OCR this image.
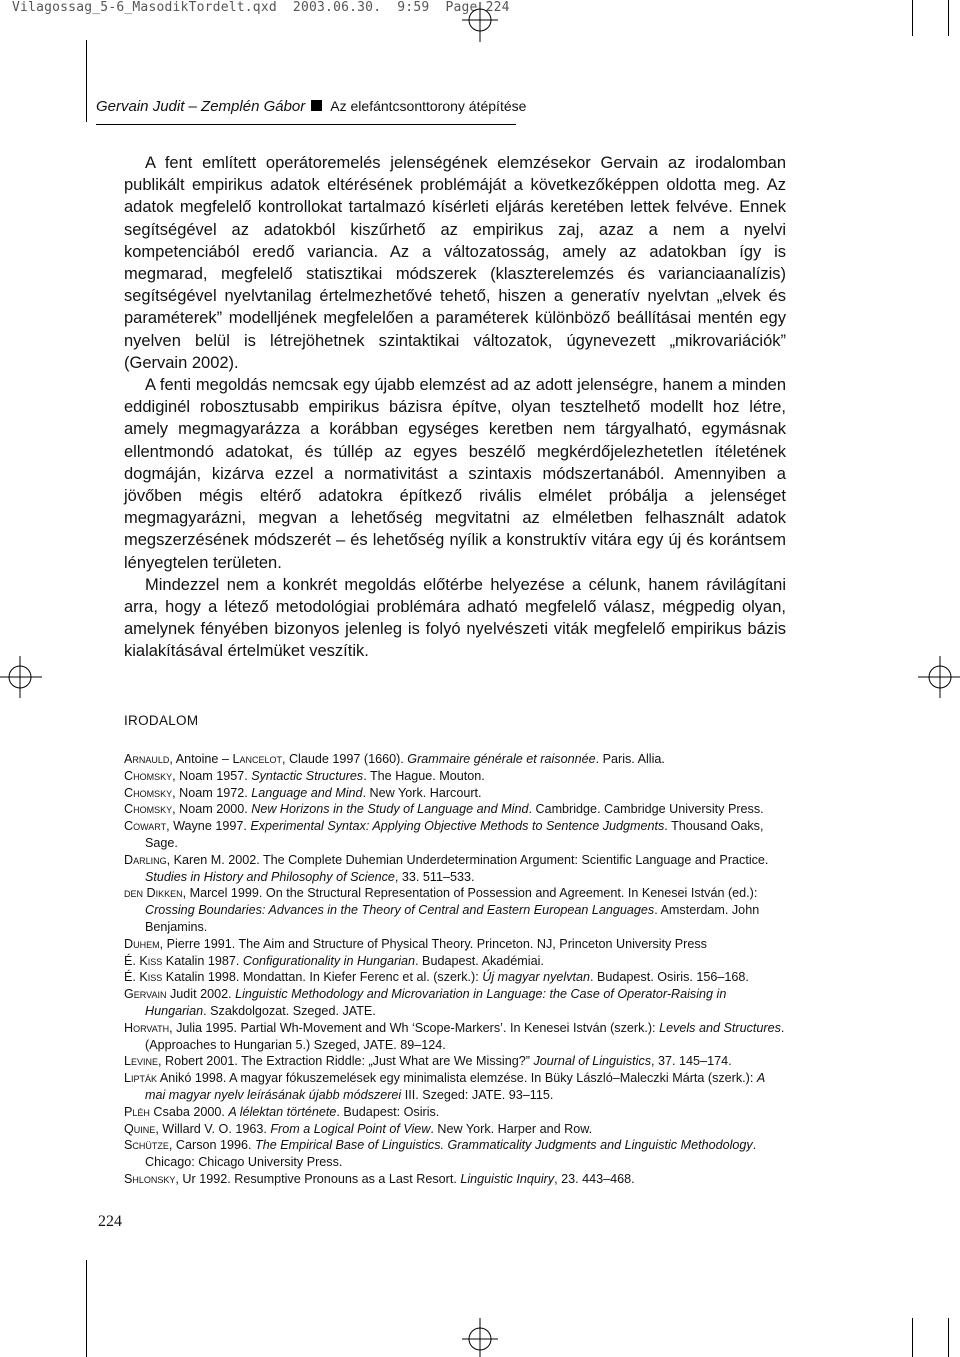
Vilagossag_5-6_MasodikTordelt.qxd  2003.06.30.  9:59  Page 224
Gervain Judit – Zemplén Gábor Az elefántcsonttorony átépítése

A fent említett operátoremelés jelenségének elemzésekor Gervain az irodalomban publikált empirikus adatok eltérésének problémáját a következőképpen oldotta meg. Az adatok megfelelő kontrollokat tartalmazó kísérleti eljárás keretében lettek felvéve. Ennek segítségével az adatokból kiszűrhető az empirikus zaj, azaz a nem a nyelvi kompetenciából eredő variancia. Az a változatosság, amely az adatokban így is megmarad, megfelelő statisztikai módszerek (klaszterelemzés és varianciaanalízis) segítségével nyelvtanilag értelmezhetővé tehető, hiszen a generatív nyelvtan „elvek és paraméterek” modelljének megfelelően a paraméterek különböző beállításai mentén egy nyelven belül is létrejöhetnek szintaktikai változatok, úgynevezett „mikrovariációk” (Gervain 2002).

A fenti megoldás nemcsak egy újabb elemzést ad az adott jelenségre, hanem a minden eddiginél robosztusabb empirikus bázisra építve, olyan tesztelhető modellt hoz létre, amely megmagyarázza a korábban egységes keretben nem tárgyalható, egymásnak ellentmondó adatokat, és túllép az egyes beszélő megkérdőjelezhetetlen ítéletének dogmáján, kizárva ezzel a normativitást a szintaxis módszertanából. Amennyiben a jövőben mégis eltérő adatokra építkező rivális elmélet próbálja a jelenséget megmagyarázni, megvan a lehetőség megvitatni az elméletben felhasznált adatok megszerzésének módszerét – és lehetőség nyílik a konstruktív vitára egy új és korántsem lényegtelen területen.

Mindezzel nem a konkrét megoldás előtérbe helyezése a célunk, hanem rávilágítani arra, hogy a létező metodológiai problémára adható megfelelő válasz, mégpedig olyan, amelynek fényében bizonyos jelenleg is folyó nyelvészeti viták megfelelő empirikus bázis kialakításával értelmüket veszítik.

IRODALOM
Arnauld, Antoine – Lancelot, Claude 1997 (1660). Grammaire générale et raisonnée. Paris. Allia.
Chomsky, Noam 1957. Syntactic Structures. The Hague. Mouton.
Chomsky, Noam 1972. Language and Mind. New York. Harcourt.
Chomsky, Noam 2000. New Horizons in the Study of Language and Mind. Cambridge. Cambridge University Press.
Cowart, Wayne 1997. Experimental Syntax: Applying Objective Methods to Sentence Judgments. Thousand Oaks, Sage.
Darling, Karen M. 2002. The Complete Duhemian Underdetermination Argument: Scientific Language and Practice. Studies in History and Philosophy of Science, 33. 511–533.
den Dikken, Marcel 1999. On the Structural Representation of Possession and Agreement. In Kenesei István (ed.): Crossing Boundaries: Advances in the Theory of Central and Eastern European Languages. Amsterdam. John Benjamins.
Duhem, Pierre 1991. The Aim and Structure of Physical Theory. Princeton. NJ, Princeton University Press
É. Kiss Katalin 1987. Configurationality in Hungarian. Budapest. Akadémiai.
É. Kiss Katalin 1998. Mondattan. In Kiefer Ferenc et al. (szerk.): Új magyar nyelvtan. Budapest. Osiris. 156–168.
Gervain Judit 2002. Linguistic Methodology and Microvariation in Language: the Case of Operator-Raising in Hungarian. Szakdolgozat. Szeged. JATE.
Horvath, Julia 1995. Partial Wh-Movement and Wh ‘Scope-Markers’. In Kenesei István (szerk.): Levels and Structures. (Approaches to Hungarian 5.) Szeged, JATE. 89–124.
Levine, Robert 2001. The Extraction Riddle: „Just What are We Missing?” Journal of Linguistics, 37. 145–174.
Lipták Anikó 1998. A magyar fókuszemelések egy minimalista elemzése. In Büky László–Maleczki Márta (szerk.): A mai magyar nyelv leírásának újabb módszerei III. Szeged: JATE. 93–115.
Pléh Csaba 2000. A lélektan története. Budapest: Osiris.
Quine, Willard V. O. 1963. From a Logical Point of View. New York. Harper and Row.
Schütze, Carson 1996. The Empirical Base of Linguistics. Grammaticality Judgments and Linguistic Methodology. Chicago: Chicago University Press.
Shlonsky, Ur 1992. Resumptive Pronouns as a Last Resort. Linguistic Inquiry, 23. 443–468.
224
